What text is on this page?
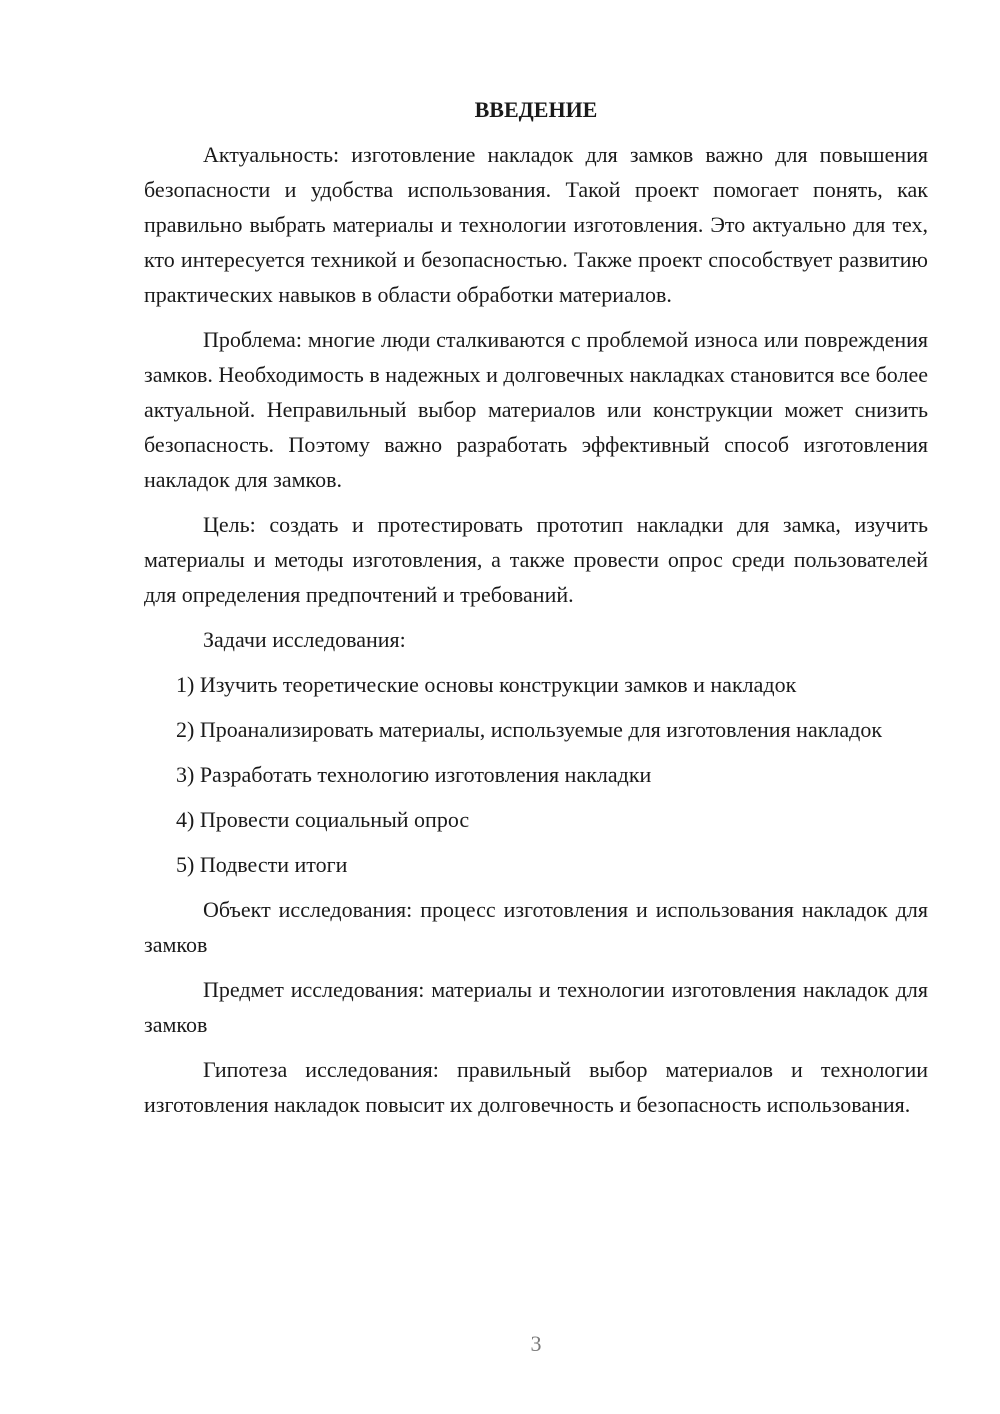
ВВЕДЕНИЕ

Актуальность: изготовление накладок для замков важно для повышения безопасности и удобства использования. Такой проект помогает понять, как правильно выбрать материалы и технологии изготовления. Это актуально для тех, кто интересуется техникой и безопасностью. Также проект способствует развитию практических навыков в области обработки материалов.

Проблема: многие люди сталкиваются с проблемой износа или повреждения замков. Необходимость в надежных и долговечных накладках становится все более актуальной. Неправильный выбор материалов или конструкции может снизить безопасность. Поэтому важно разработать эффективный способ изготовления накладок для замков.

Цель: создать и протестировать прототип накладки для замка, изучить материалы и методы изготовления, а также провести опрос среди пользователей для определения предпочтений и требований.

Задачи исследования:

1) Изучить теоретические основы конструкции замков и накладок

2) Проанализировать материалы, используемые для изготовления накладок

3) Разработать технологию изготовления накладки

4) Провести социальный опрос

5) Подвести итоги

Объект исследования: процесс изготовления и использования накладок для замков

Предмет исследования: материалы и технологии изготовления накладок для замков

Гипотеза исследования: правильный выбор материалов и технологии изготовления накладок повысит их долговечность и безопасность использования.

3
